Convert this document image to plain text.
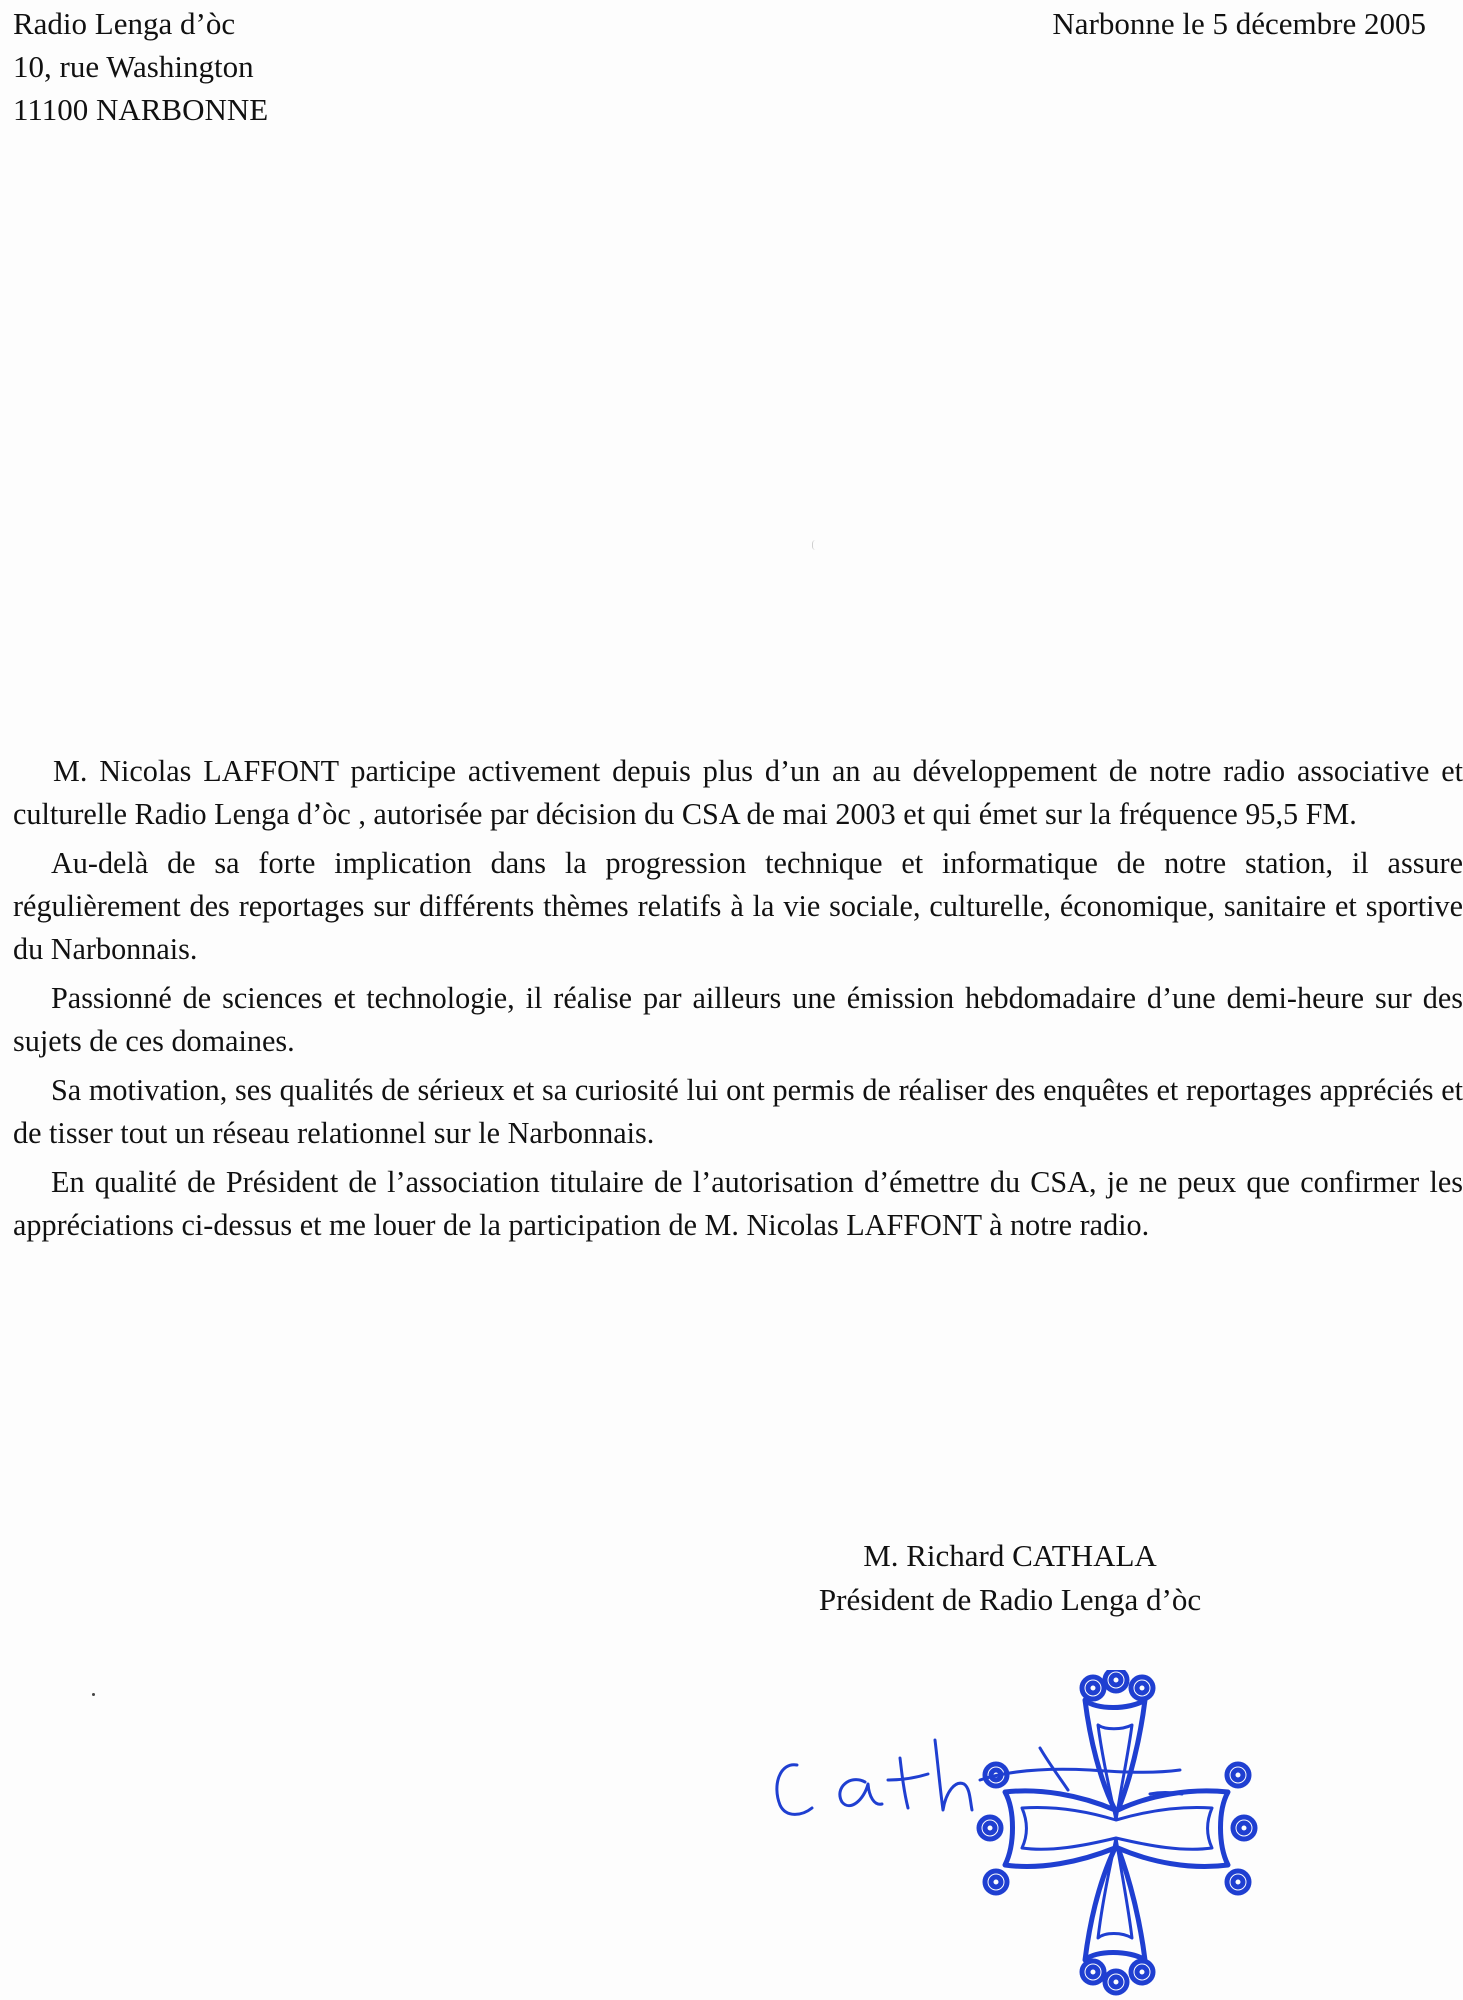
Radio Lenga d’òc
10, rue Washington
11100 NARBONNE
Narbonne le 5 décembre 2005

M. Nicolas LAFFONT participe activement depuis plus d’un an au développement de notre radio associative et culturelle Radio Lenga d’òc , autorisée par décision du CSA de mai 2003 et qui émet sur la fréquence 95,5 FM.

Au-delà de sa forte implication dans la progression technique et informatique de notre station, il assure régulièrement des reportages sur différents thèmes relatifs à la vie sociale, culturelle, économique, sanitaire et sportive du Narbonnais.

Passionné de sciences et technologie, il réalise par ailleurs une émission hebdomadaire d’une demi-heure sur des sujets de ces domaines.

Sa motivation, ses qualités de sérieux et sa curiosité lui ont permis de réaliser des enquêtes et reportages appréciés et de tisser tout un réseau relationnel sur le Narbonnais.

En qualité de Président de l’association titulaire de l’autorisation d’émettre du CSA, je ne peux que confirmer les appréciations ci-dessus et me louer de la participation de M. Nicolas LAFFONT à notre radio.

M. Richard CATHALA
Président de Radio Lenga d’òc
